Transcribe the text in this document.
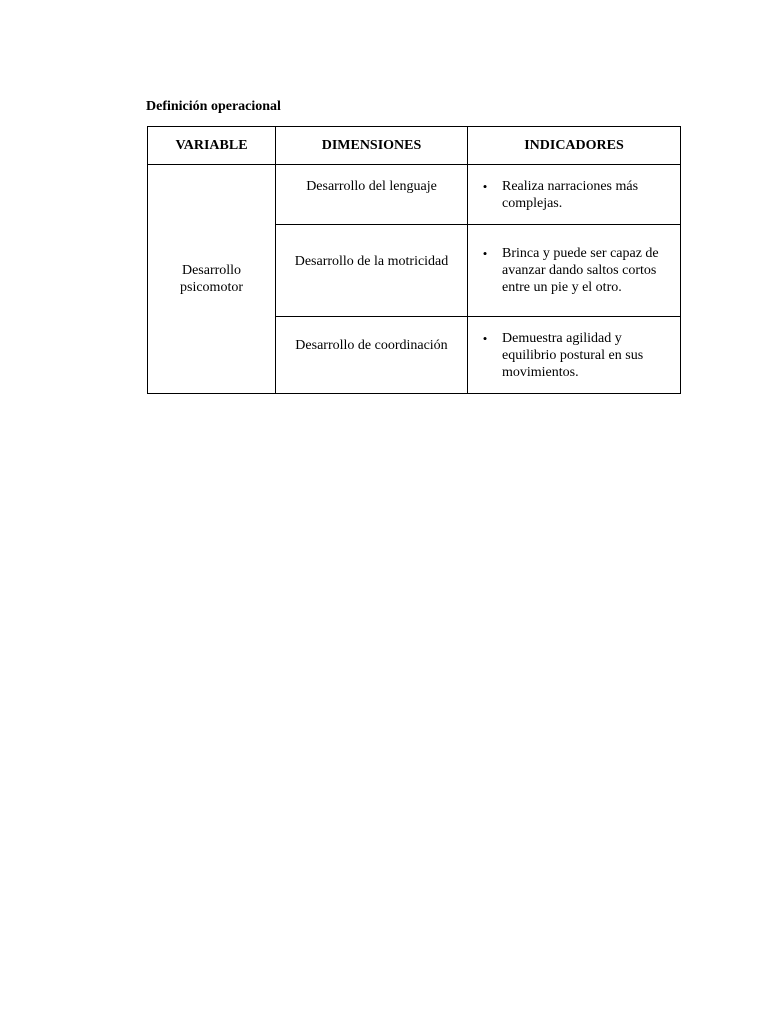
Definición operacional
VARIABLE	DIMENSIONES	INDICADORES
Desarrollo psicomotor	Desarrollo del lenguaje	• Realiza narraciones más complejas.

	Desarrollo de la motricidad	• Brinca y puede ser capaz de avanzar dando saltos cortos entre un pie y el otro.

	Desarrollo de coordinación	• Demuestra agilidad y equilibrio postural en sus movimientos.
